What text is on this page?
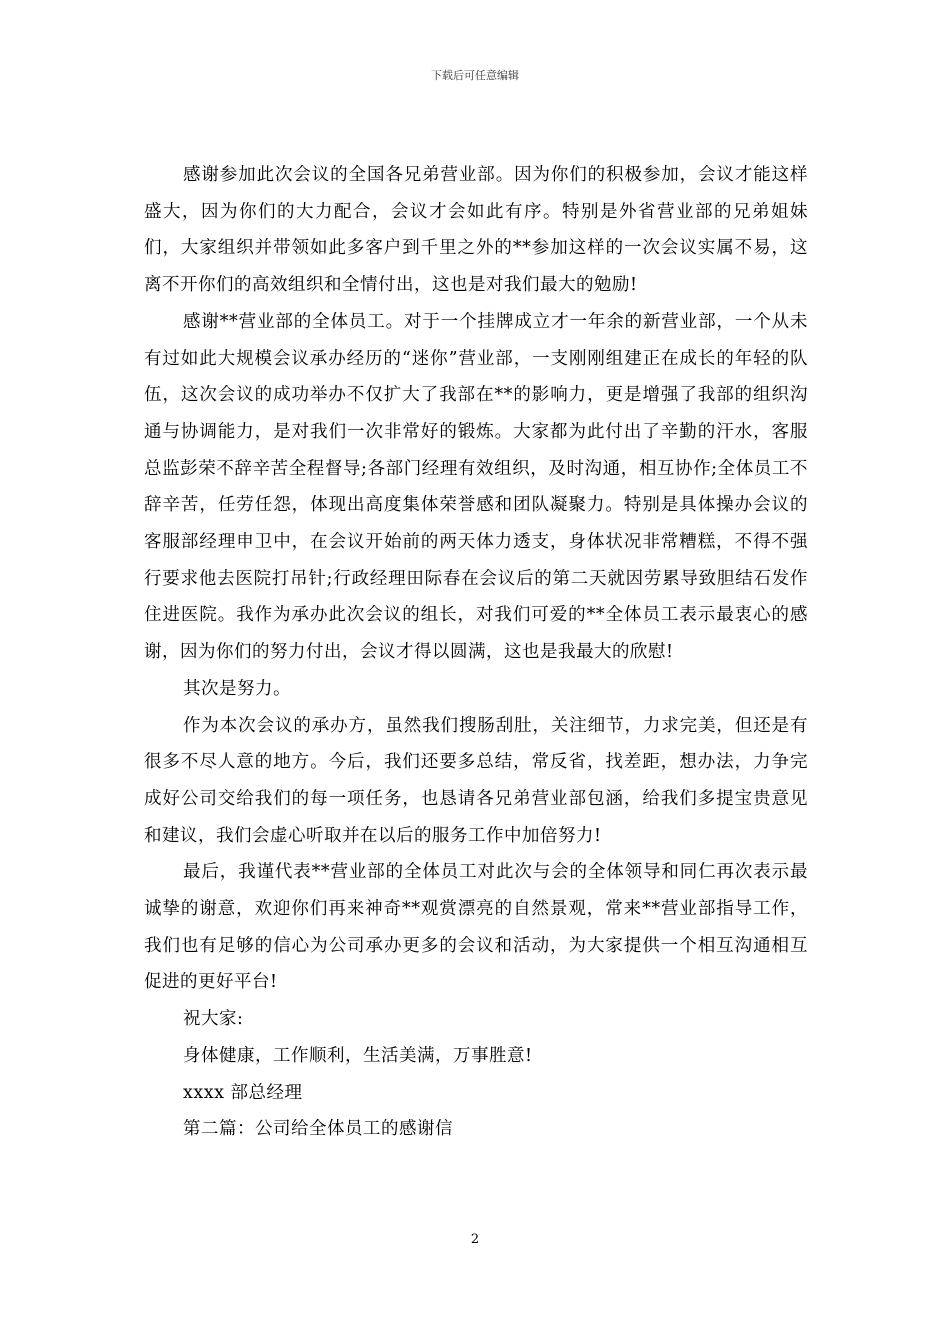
下载后可任意编辑

感谢参加此次会议的全国各兄弟营业部。因为你们的积极参加，会议才能这样盛大，因为你们的大力配合，会议才会如此有序。特别是外省营业部的兄弟姐妹们，大家组织并带领如此多客户到千里之外的**参加这样的一次会议实属不易，这离不开你们的高效组织和全情付出，这也是对我们最大的勉励!

感谢**营业部的全体员工。对于一个挂牌成立才一年余的新营业部，一个从未有过如此大规模会议承办经历的“迷你”营业部，一支刚刚组建正在成长的年轻的队伍，这次会议的成功举办不仅扩大了我部在**的影响力，更是增强了我部的组织沟通与协调能力，是对我们一次非常好的锻炼。大家都为此付出了辛勤的汗水，客服总监彭荣不辞辛苦全程督导;各部门经理有效组织，及时沟通，相互协作;全体员工不辞辛苦，任劳任怨，体现出高度集体荣誉感和团队凝聚力。特别是具体操办会议的客服部经理申卫中，在会议开始前的两天体力透支，身体状况非常糟糕，不得不强行要求他去医院打吊针;行政经理田际春在会议后的第二天就因劳累导致胆结石发作住进医院。我作为承办此次会议的组长，对我们可爱的**全体员工表示最衷心的感谢，因为你们的努力付出，会议才得以圆满，这也是我最大的欣慰!

其次是努力。

作为本次会议的承办方，虽然我们搜肠刮肚，关注细节，力求完美，但还是有很多不尽人意的地方。今后，我们还要多总结，常反省，找差距，想办法，力争完成好公司交给我们的每一项任务，也恳请各兄弟营业部包涵，给我们多提宝贵意见和建议，我们会虚心听取并在以后的服务工作中加倍努力!

最后，我谨代表**营业部的全体员工对此次与会的全体领导和同仁再次表示最诚挚的谢意，欢迎你们再来神奇**观赏漂亮的自然景观，常来**营业部指导工作，我们也有足够的信心为公司承办更多的会议和活动，为大家提供一个相互沟通相互促进的更好平台!

祝大家:

身体健康，工作顺利，生活美满，万事胜意!

xxxx 部总经理

第二篇：公司给全体员工的感谢信

2
